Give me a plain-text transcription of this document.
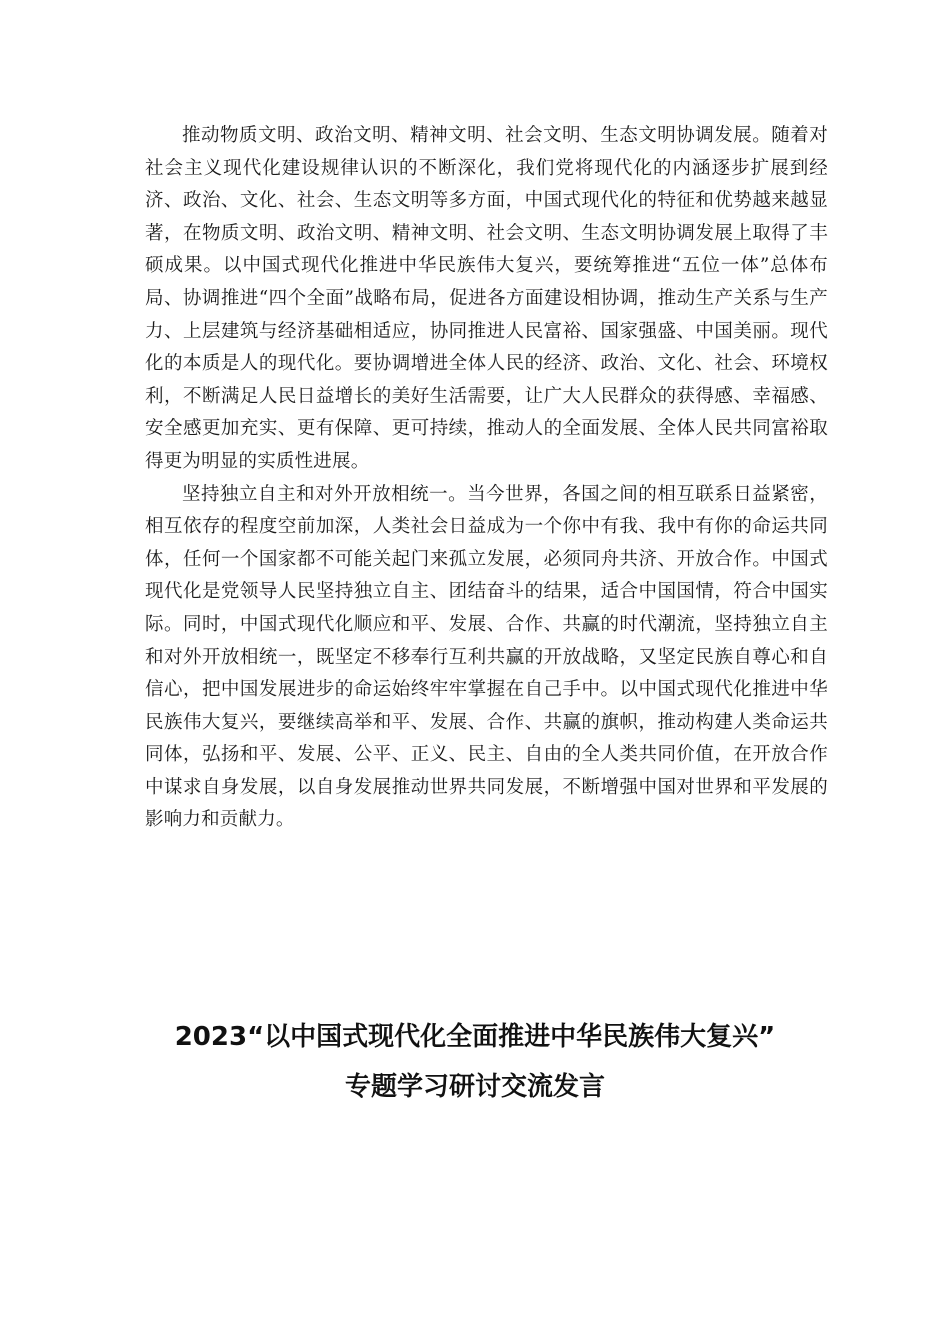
推动物质文明、政治文明、精神文明、社会文明、生态文明协调发展。随着对社会主义现代化建设规律认识的不断深化，我们党将现代化的内涵逐步扩展到经济、政治、文化、社会、生态文明等多方面，中国式现代化的特征和优势越来越显著，在物质文明、政治文明、精神文明、社会文明、生态文明协调发展上取得了丰硕成果。以中国式现代化推进中华民族伟大复兴，要统筹推进“五位一体”总体布局、协调推进“四个全面”战略布局，促进各方面建设相协调，推动生产关系与生产力、上层建筑与经济基础相适应，协同推进人民富裕、国家强盛、中国美丽。现代化的本质是人的现代化。要协调增进全体人民的经济、政治、文化、社会、环境权利，不断满足人民日益增长的美好生活需要，让广大人民群众的获得感、幸福感、安全感更加充实、更有保障、更可持续，推动人的全面发展、全体人民共同富裕取得更为明显的实质性进展。

坚持独立自主和对外开放相统一。当今世界，各国之间的相互联系日益紧密，相互依存的程度空前加深，人类社会日益成为一个你中有我、我中有你的命运共同体，任何一个国家都不可能关起门来孤立发展，必须同舟共济、开放合作。中国式现代化是党领导人民坚持独立自主、团结奋斗的结果，适合中国国情，符合中国实际。同时，中国式现代化顺应和平、发展、合作、共赢的时代潮流，坚持独立自主和对外开放相统一，既坚定不移奉行互利共赢的开放战略，又坚定民族自尊心和自信心，把中国发展进步的命运始终牢牢掌握在自己手中。以中国式现代化推进中华民族伟大复兴，要继续高举和平、发展、合作、共赢的旗帜，推动构建人类命运共同体，弘扬和平、发展、公平、正义、民主、自由的全人类共同价值，在开放合作中谋求自身发展，以自身发展推动世界共同发展，不断增强中国对世界和平发展的影响力和贡献力。

2023“以中国式现代化全面推进中华民族伟大复兴”
专题学习研讨交流发言
